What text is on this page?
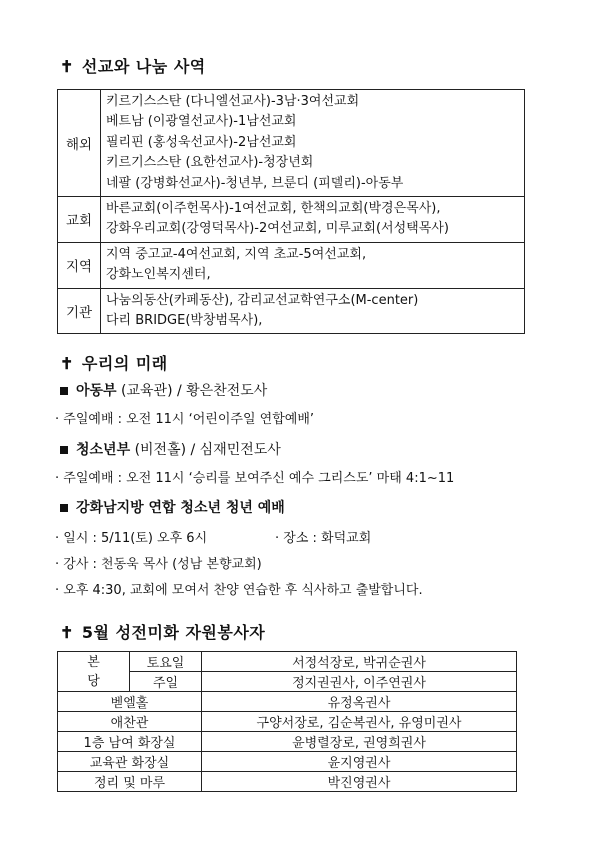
✝ 선교와 나눔 사역
해외	키르기스스탄 (다니엘선교사)-3남·3여선교회
베트남 (이광열선교사)-1남선교회
필리핀 (홍성욱선교사)-2남선교회
키르기스스탄 (요한선교사)-청장년회
네팔 (강병화선교사)-청년부, 브룬디 (피델리)-아동부

교회	바른교회(이주헌목사)-1여선교회, 한책의교회(박경은목사),
강화우리교회(강영덕목사)-2여선교회, 미루교회(서성택목사)

지역	지역 중고교-4여선교회, 지역 초교-5여선교회,
강화노인복지센터,

기관	나눔의동산(카페동산), 감리교선교학연구소(M-center)
다리 BRIDGE(박창범목사),
✝ 우리의 미래
아동부 (교육관) / 황은찬전도사
· 주일예배 : 오전 11시 ‘어린이주일 연합예배’
청소년부 (비전홀) / 심재민전도사
· 주일예배 : 오전 11시 ‘승리를 보여주신 예수 그리스도’ 마태 4:1~11
강화남지방 연합 청소년 청년 예배
· 일시 : 5/11(토) 오후 6시	· 장소 : 화덕교회
· 강사 : 천동욱 목사 (성남 본향교회)
· 오후 4:30, 교회에 모여서 찬양 연습한 후 식사하고 출발합니다.
✝ 5월 성전미화 자원봉사자
본
당	토요일	서정석장로, 박귀순권사
	주일	정지권권사, 이주연권사
벧엘홀		유정옥권사
애찬관		구양서장로, 김순복권사, 유영미권사
1층 남여 화장실		윤병렬장로, 권영희권사
교육관 화장실		윤지영권사
정리 및 마루		박진영권사
